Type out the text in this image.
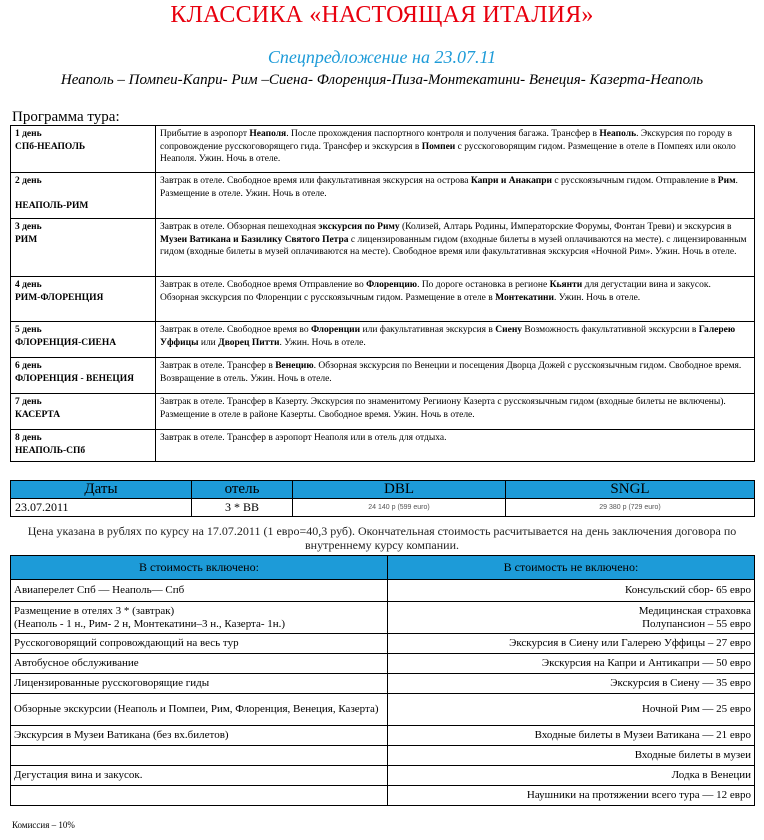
КЛАССИКА «НАСТОЯЩАЯ ИТАЛИЯ»
Спецпредложение на 23.07.11
Неаполь – Помпеи-Капри- Рим –Сиена- Флоренция-Пиза-Монтекатини- Венеция- Казерта-Неаполь
Программа тура:
1 день
СПб-НЕАПОЛЬ	Прибытие в аэропорт Неаполя. После прохождения паспортного контроля и получения багажа. Трансфер в Неаполь. Экскурсия по городу в сопровождение русскоговорящего гида. Трансфер и экскурсия в Помпеи с русскоговорящим гидом. Размещение в отеле в Помпеях или около Неаполя. Ужин. Ночь в отеле.

2 день
НЕАПОЛЬ-РИМ	Завтрак в отеле. Свободное время или факультативная экскурсия на острова Капри и Анакапри с русскоязычным гидом. Отправление в Рим. Размещение в отеле. Ужин. Ночь в отеле.

3 день
РИМ	Завтрак в отеле. Обзорная пешеходная экскурсия по Риму (Колизей, Алтарь Родины, Императорские Форумы, Фонтан Треви) и экскурсия в Музеи Ватикана и Базилику Святого Петра с лицензированным гидом (входные билеты в музей оплачиваются на месте). с лицензированным гидом (входные билеты в музей оплачиваются на месте). Свободное время или факультативная экскурсия «Ночной Рим». Ужин. Ночь в отеле.

4 день
РИМ-ФЛОРЕНЦИЯ	Завтрак в отеле. Свободное время Отправление во Флоренцию. По дороге остановка в регионе Кьянти для дегустации вина и закусок. Обзорная экскурсия по Флоренции с русскоязычным гидом. Размещение в отеле в Монтекатини. Ужин. Ночь в отеле.

5 день
ФЛОРЕНЦИЯ-СИЕНА	Завтрак в отеле. Свободное время во Флоренции или факультативная экскурсия в Сиену Возможность факультативной экскурсии в Галерею Уффицы или Дворец Питти. Ужин. Ночь в отеле.

6 день
ФЛОРЕНЦИЯ - ВЕНЕЦИЯ	Завтрак в отеле. Трансфер в Венецию. Обзорная экскурсия по Венеции и посещения Дворца Дожей с русскоязычным гидом. Свободное время. Возвращение в отель. Ужин. Ночь в отеле.

7 день
КАСЕРТА	Завтрак в отеле. Трансфер в Казерту. Экскурсия по знаменитому Регииону Казерта с русскоязычным гидом (входные билеты не включены). Размещение в отеле в районе Казерты. Свободное время. Ужин. Ночь в отеле.

8 день
НЕАПОЛЬ-СПб	Завтрак в отеле. Трансфер в аэропорт Неаполя или в отель для отдыха.
Даты	отель	DBL	SNGL
23.07.2011	3 * BB	24 140 р (599 euro)	29 380 р (729 euro)
Цена указана в рублях по курсу на 17.07.2011 (1 евро=40,3 руб). Окончательная стоимость расчитывается на день заключения договора по внутреннему курсу компании.
В стоимость включено:	В стоимость не включено:
Авиаперелет Спб — Неаполь— Спб	Консульский сбор- 65 евро
Размещение в отелях 3 * (завтрак)
(Неаполь - 1 н., Рим- 2 н, Монтекатини–3 н., Казерта- 1н.)	Медицинская страховка
Полупансион – 55 евро
Русскоговорящий сопровождающий на весь тур	Экскурсия в Сиену или Галерею Уффицы – 27 евро
Автобусное обслуживание	Экскурсия на Капри и Антикапри — 50 евро
Лицензированные русскоговорящие гиды	Экскурсия в Сиену — 35 евро
Обзорные экскурсии (Неаполь и Помпеи, Рим, Флоренция, Венеция, Казерта)	Ночной Рим — 25 евро
Экскурсия в Музеи Ватикана (без вх.билетов)	Входные билеты в Музеи Ватикана — 21 евро
	Входные билеты в музеи
Дегустация вина и закусок.	Лодка в Венеции
	Наушники на протяжении всего тура — 12 евро
Комиссия – 10%
